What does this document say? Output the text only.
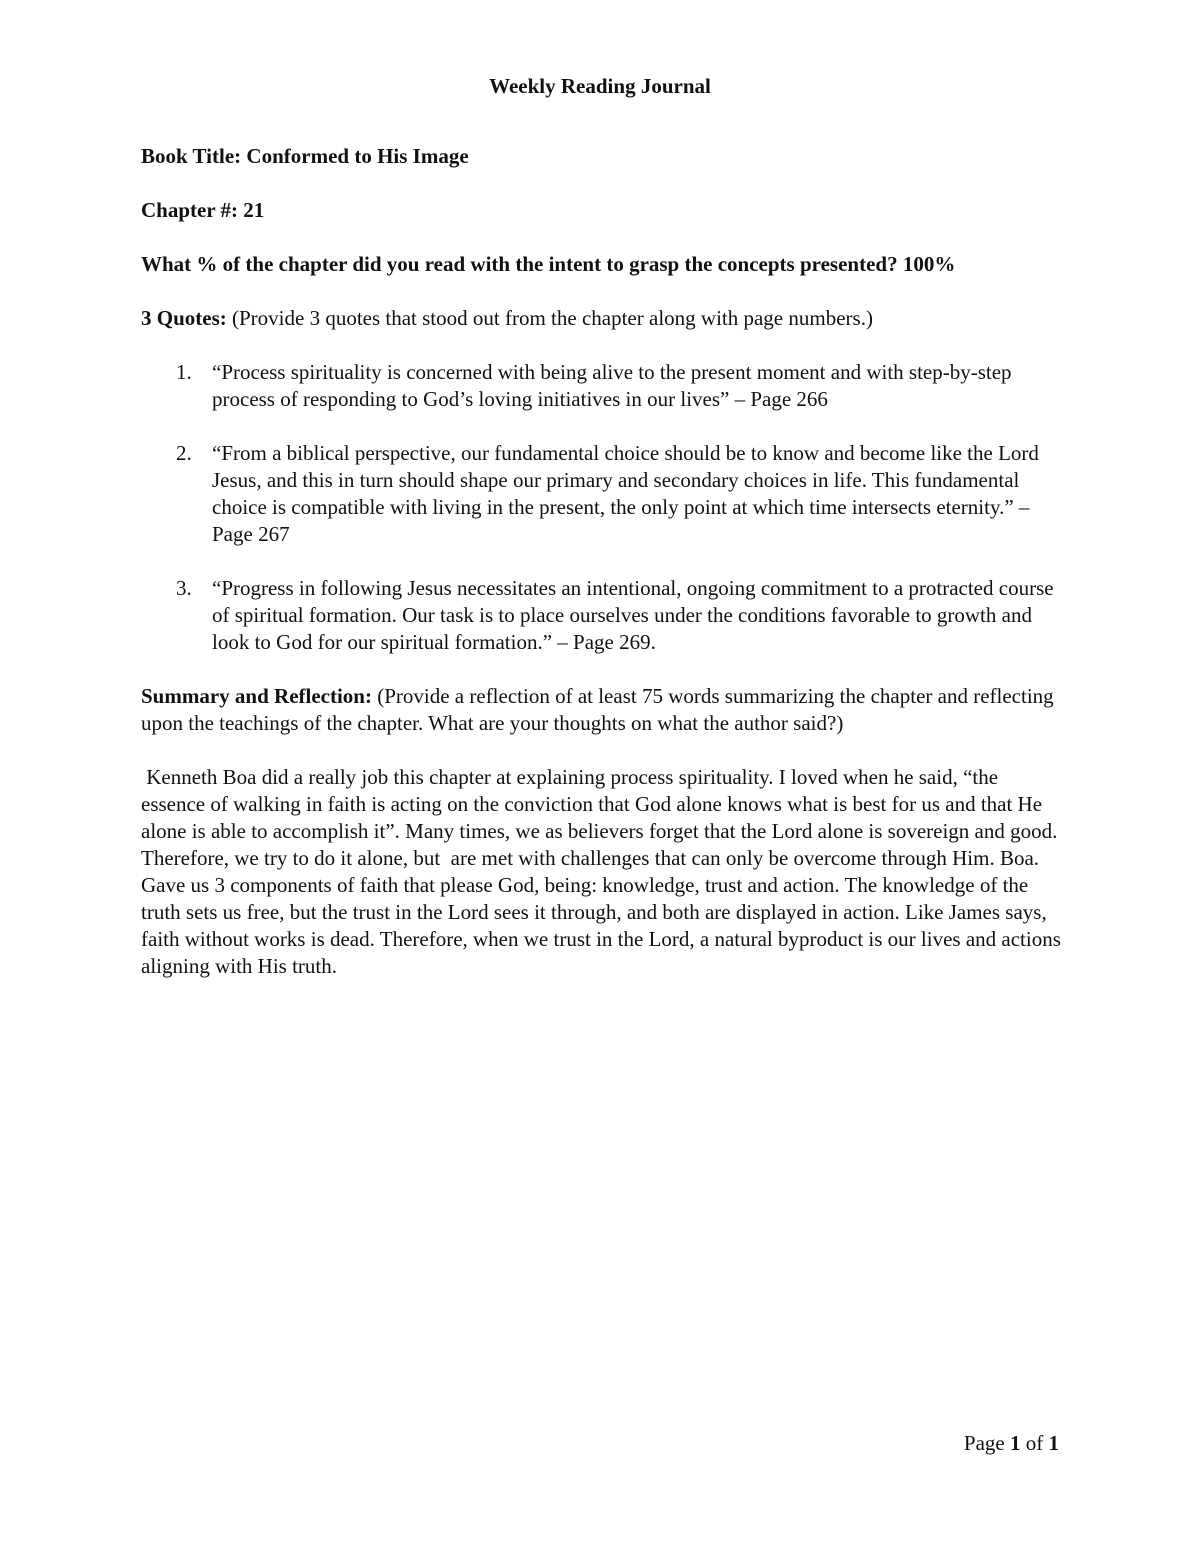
Weekly Reading Journal

Book Title: Conformed to His Image

Chapter #: 21

What % of the chapter did you read with the intent to grasp the concepts presented? 100%

3 Quotes: (Provide 3 quotes that stood out from the chapter along with page numbers.)

1. “Process spirituality is concerned with being alive to the present moment and with step-by-step process of responding to God’s loving initiatives in our lives” – Page 266
2. “From a biblical perspective, our fundamental choice should be to know and become like the Lord Jesus, and this in turn should shape our primary and secondary choices in life. This fundamental choice is compatible with living in the present, the only point at which time intersects eternity.” – Page 267
3. “Progress in following Jesus necessitates an intentional, ongoing commitment to a protracted course of spiritual formation. Our task is to place ourselves under the conditions favorable to growth and look to God for our spiritual formation.” – Page 269.

Summary and Reflection: (Provide a reflection of at least 75 words summarizing the chapter and reflecting upon the teachings of the chapter. What are your thoughts on what the author said?)

Kenneth Boa did a really job this chapter at explaining process spirituality. I loved when he said, “the essence of walking in faith is acting on the conviction that God alone knows what is best for us and that He alone is able to accomplish it”. Many times, we as believers forget that the Lord alone is sovereign and good. Therefore, we try to do it alone, but  are met with challenges that can only be overcome through Him. Boa. Gave us 3 components of faith that please God, being: knowledge, trust and action. The knowledge of the truth sets us free, but the trust in the Lord sees it through, and both are displayed in action. Like James says, faith without works is dead. Therefore, when we trust in the Lord, a natural byproduct is our lives and actions aligning with His truth.

Page 1 of 1
